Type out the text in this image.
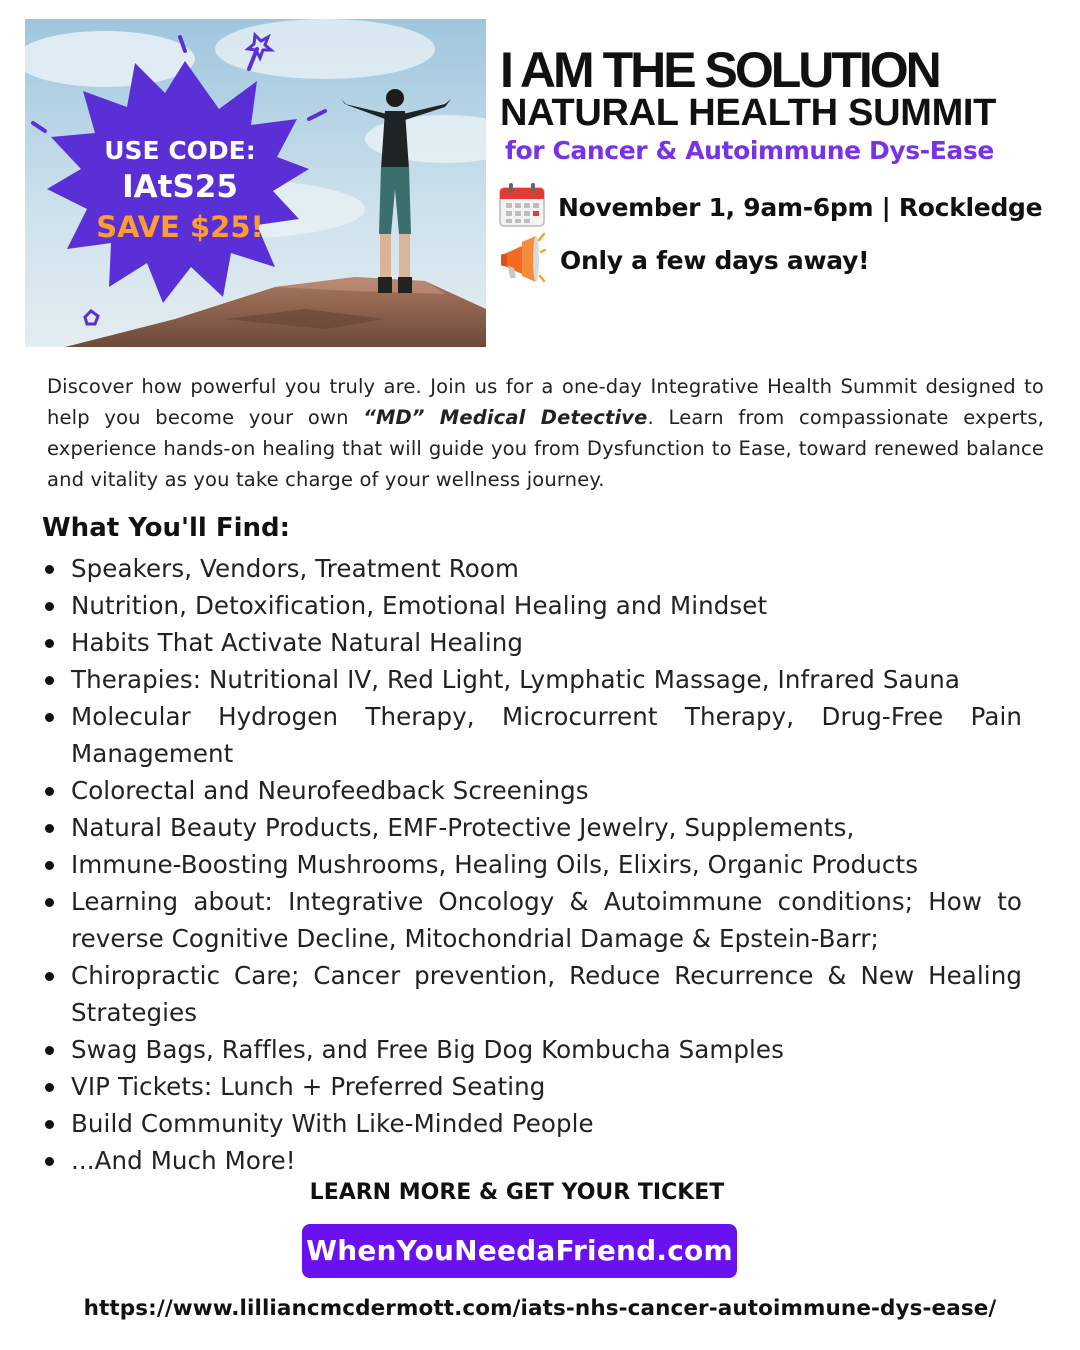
USE CODE:
IAtS25
SAVE $25!
I AM THE SOLUTION
NATURAL HEALTH SUMMIT
for Cancer & Autoimmune Dys-Ease
November 1, 9am-6pm | Rockledge
Only a few days away!

Discover how powerful you truly are. Join us for a one-day Integrative Health Summit designed to help you become your own “MD” Medical Detective. Learn from compassionate experts, experience hands-on healing that will guide you from Dysfunction to Ease, toward renewed balance and vitality as you take charge of your wellness journey.

What You'll Find:
Speakers, Vendors, Treatment Room
Nutrition, Detoxification, Emotional Healing and Mindset
Habits That Activate Natural Healing
Therapies: Nutritional IV, Red Light, Lymphatic Massage, Infrared Sauna
Molecular Hydrogen Therapy, Microcurrent Therapy, Drug-Free Pain Management
Colorectal and Neurofeedback Screenings
Natural Beauty Products, EMF-Protective Jewelry, Supplements,
Immune-Boosting Mushrooms, Healing Oils, Elixirs, Organic Products
Learning about: Integrative Oncology & Autoimmune conditions; How to reverse Cognitive Decline, Mitochondrial Damage & Epstein-Barr;
Chiropractic Care; Cancer prevention, Reduce Recurrence & New Healing Strategies
Swag Bags, Raffles, and Free Big Dog Kombucha Samples
VIP Tickets: Lunch + Preferred Seating
Build Community With Like-Minded People
...And Much More!
LEARN MORE & GET YOUR TICKET
WhenYouNeedaFriend.com
https://www.lilliancmcdermott.com/iats-nhs-cancer-autoimmune-dys-ease/
